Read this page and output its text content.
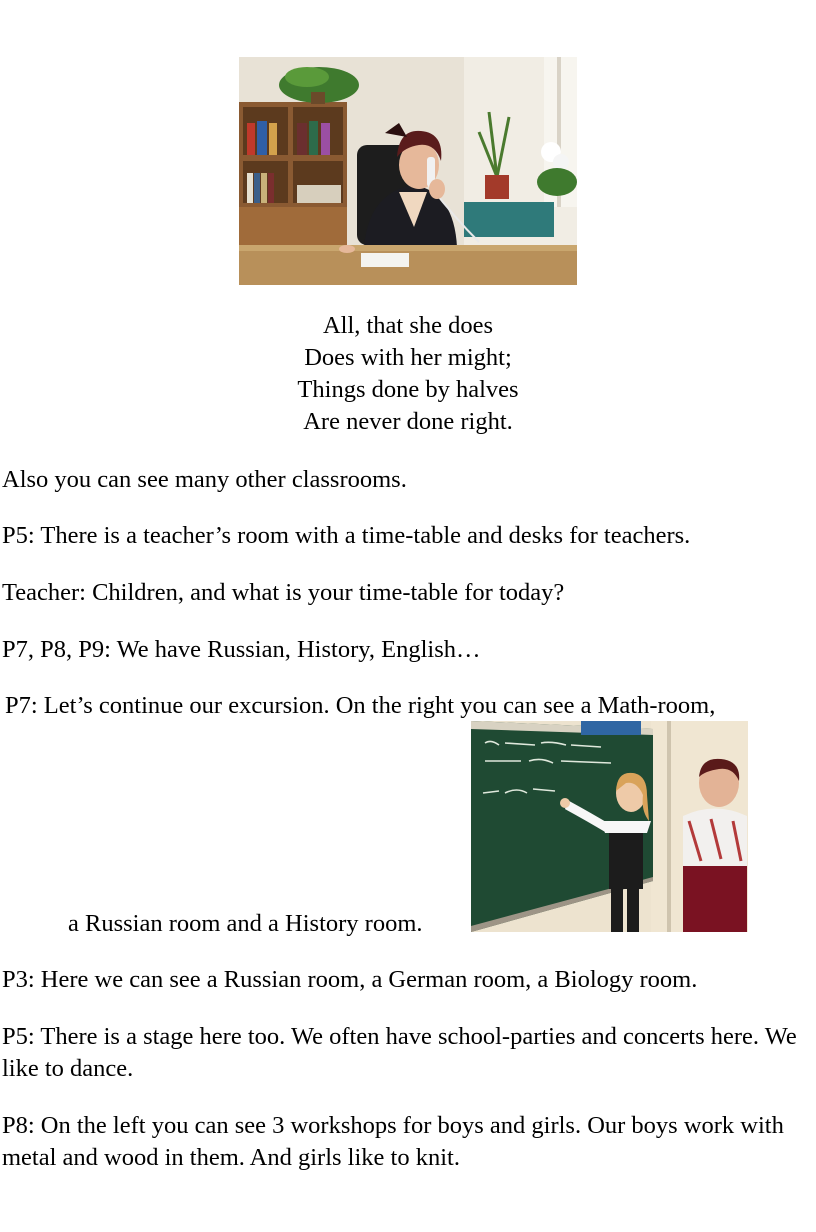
All, that she does
Does with her might;
Things done by halves
Are never done right.

Also you can see many other classrooms.

P5: There is a teacher’s room with a time-table and desks for teachers.

Teacher: Children, and what is your time-table for today?

P7, P8, P9: We have Russian, History, English…

P7: Let’s continue our excursion. On the right you can see a Math-room,

a Russian room and a History room.

P3: Here we can see a Russian room, a German room, a Biology room.

P5: There is a stage here too. We often have school-parties and concerts here. We like to dance.

P8: On the left you can see 3 workshops for boys and girls. Our boys work with metal and wood in them. And girls like to knit.
